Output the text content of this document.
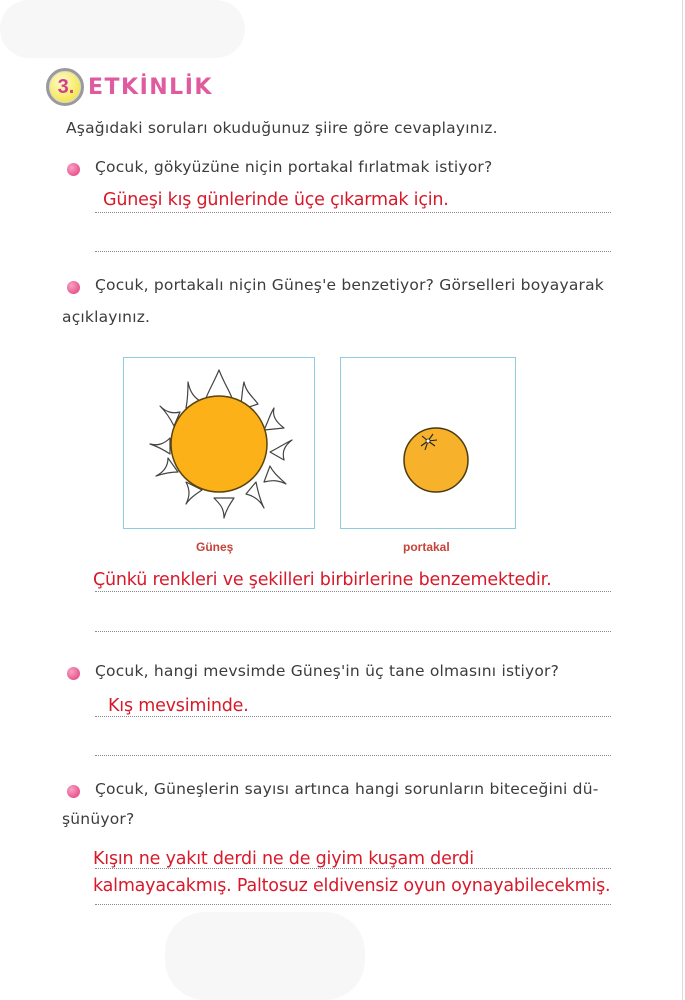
3. ETKİNLİK
Aşağıdaki soruları okuduğunuz şiire göre cevaplayınız.
Çocuk, gökyüzüne niçin portakal fırlatmak istiyor?
Güneşi kış günlerinde üçe çıkarmak için.
Çocuk, portakalı niçin Güneş'e benzetiyor? Görselleri boyayarak
açıklayınız.
Güneş	portakal
Çünkü renkleri ve şekilleri birbirlerine benzemektedir.
Çocuk, hangi mevsimde Güneş'in üç tane olmasını istiyor?
Kış mevsiminde.
Çocuk, Güneşlerin sayısı artınca hangi sorunların biteceğini dü-
şünüyor?
Kışın ne yakıt derdi ne de giyim kuşam derdi
kalmayacakmış. Paltosuz eldivensiz oyun oynayabilecekmiş.
